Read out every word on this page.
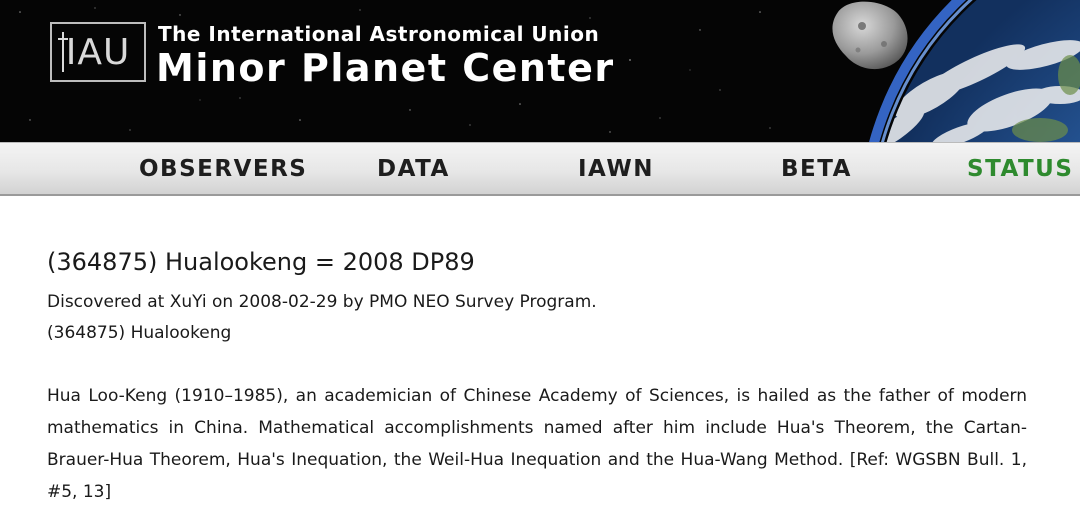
IAU	The International Astronomical Union
Minor Planet Center
OBSERVERS	DATA	IAWN	BETA	STATUS
(364875) Hualookeng = 2008 DP89
Discovered at XuYi on 2008-02-29 by PMO NEO Survey Program.
(364875) Hualookeng

Hua Loo-Keng (1910–1985), an academician of Chinese Academy of Sciences, is hailed as the father of modern mathematics in China. Mathematical accomplishments named after him include Hua's Theorem, the Cartan-Brauer-Hua Theorem, Hua's Inequation, the Weil-Hua Inequation and the Hua-Wang Method. [Ref: WGSBN Bull. 1, #5, 13]
